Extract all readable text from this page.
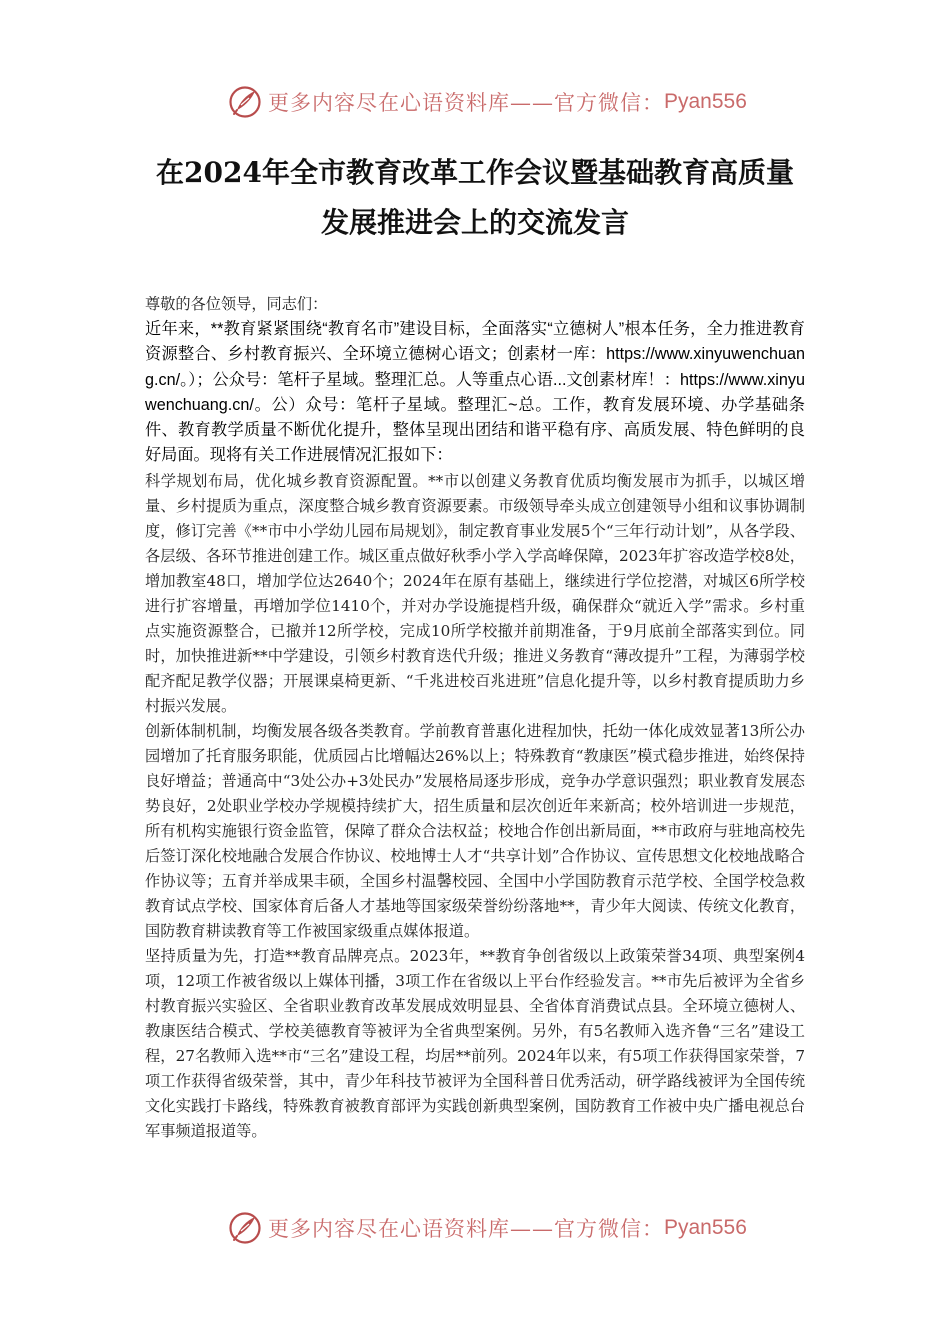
更多内容尽在心语资料库——官方微信： Pyan556
在2024年全市教育改革工作会议暨基础教育高质量
发展推进会上的交流发言

尊敬的各位领导，同志们：

近年来，**教育紧紧围绕“教育名市”建设目标，全面落实“立德树人”根本任务，全力推进教育资源整合、乡村教育振兴、全环境立德树心语文；创素材一库：https://www.xinyuwenchuang.cn/。）；公众号：笔杆子星域。整理汇总。人等重点心语...文创素材库！：https://www.xinyuwenchuang.cn/。公）众号：笔杆子星域。整理汇~总。工作，教育发展环境、办学基础条件、教育教学质量不断优化提升，整体呈现出团结和谐平稳有序、高质发展、特色鲜明的良好局面。现将有关工作进展情况汇报如下：

科学规划布局，优化城乡教育资源配置。**市以创建义务教育优质均衡发展市为抓手，以城区增量、乡村提质为重点，深度整合城乡教育资源要素。市级领导牵头成立创建领导小组和议事协调制度，修订完善《**市中小学幼儿园布局规划》，制定教育事业发展5个“三年行动计划”，从各学段、各层级、各环节推进创建工作。城区重点做好秋季小学入学高峰保障，2023年扩容改造学校8处，增加教室48口，增加学位达2640个；2024年在原有基础上，继续进行学位挖潜，对城区6所学校进行扩容增量，再增加学位1410个，并对办学设施提档升级，确保群众“就近入学”需求。乡村重点实施资源整合，已撤并12所学校，完成10所学校撤并前期准备，于9月底前全部落实到位。同时，加快推进新**中学建设，引领乡村教育迭代升级；推进义务教育“薄改提升”工程，为薄弱学校配齐配足教学仪器；开展课桌椅更新、“千兆进校百兆进班”信息化提升等，以乡村教育提质助力乡村振兴发展。

创新体制机制，均衡发展各级各类教育。学前教育普惠化进程加快，托幼一体化成效显著13所公办园增加了托育服务职能，优质园占比增幅达26%以上；特殊教育“教康医”模式稳步推进，始终保持良好增益；普通高中“3处公办+3处民办”发展格局逐步形成，竞争办学意识强烈；职业教育发展态势良好，2处职业学校办学规模持续扩大，招生质量和层次创近年来新高；校外培训进一步规范，所有机构实施银行资金监管，保障了群众合法权益；校地合作创出新局面，**市政府与驻地高校先后签订深化校地融合发展合作协议、校地博士人才“共享计划”合作协议、宣传思想文化校地战略合作协议等；五育并举成果丰硕，全国乡村温馨校园、全国中小学国防教育示范学校、全国学校急救教育试点学校、国家体育后备人才基地等国家级荣誉纷纷落地**，青少年大阅读、传统文化教育，国防教育耕读教育等工作被国家级重点媒体报道。

坚持质量为先，打造**教育品牌亮点。2023年，**教育争创省级以上政策荣誉34项、典型案例4项，12项工作被省级以上媒体刊播，3项工作在省级以上平台作经验发言。**市先后被评为全省乡村教育振兴实验区、全省职业教育改革发展成效明显县、全省体育消费试点县。全环境立德树人、教康医结合模式、学校美德教育等被评为全省典型案例。另外，有5名教师入选齐鲁“三名”建设工程，27名教师入选**市“三名”建设工程，均居**前列。2024年以来，有5项工作获得国家荣誉，7项工作获得省级荣誉，其中，青少年科技节被评为全国科普日优秀活动，研学路线被评为全国传统文化实践打卡路线，特殊教育被教育部评为实践创新典型案例，国防教育工作被中央广播电视总台军事频道报道等。

更多内容尽在心语资料库——官方微信： Pyan556
